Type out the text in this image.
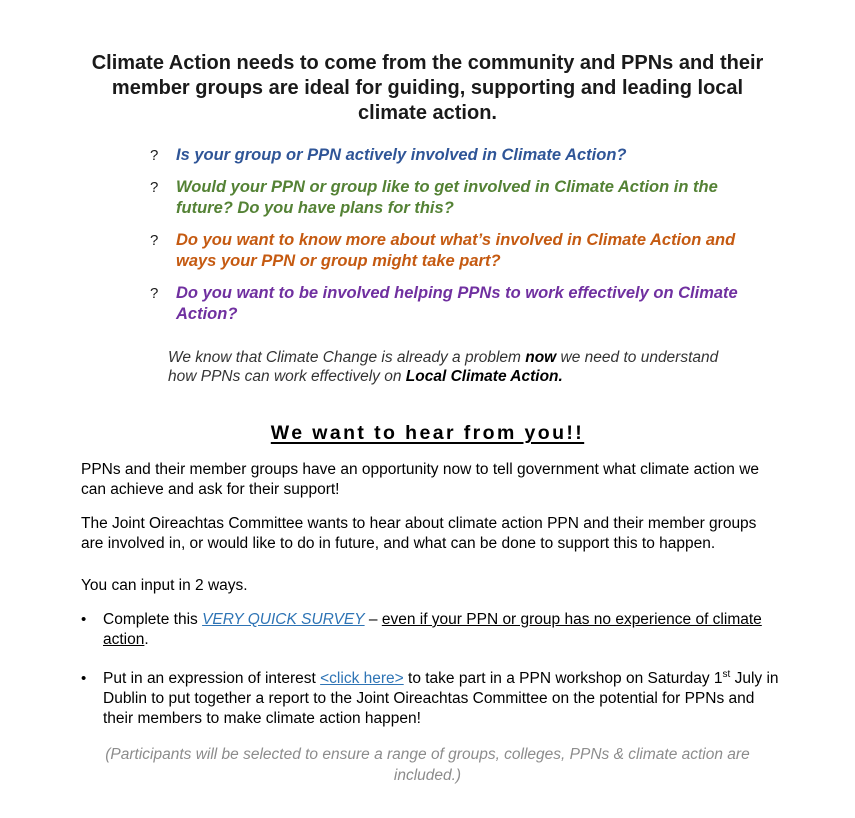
Climate Action needs to come from the community and PPNs and their member groups are ideal for guiding, supporting and leading local climate action.
?	Is your group or PPN actively involved in Climate Action?
?	Would your PPN or group like to get involved in Climate Action in the future? Do you have plans for this?
?	Do you want to know more about what’s involved in Climate Action and ways your PPN or group might take part?
?	Do you want to be involved helping PPNs to work effectively on Climate Action?
We know that Climate Change is already a problem now we need to understand how PPNs can work effectively on Local Climate Action.
We want to hear from you!!
PPNs and their member groups have an opportunity now to tell government what climate action we can achieve and ask for their support!
The Joint Oireachtas Committee wants to hear about climate action PPN and their member groups are involved in, or would like to do in future, and what can be done to support this to happen.
You can input in 2 ways.
•	Complete this VERY QUICK SURVEY – even if your PPN or group has no experience of climate action.
•	Put in an expression of interest <click here> to take part in a PPN workshop on Saturday 1st July in Dublin to put together a report to the Joint Oireachtas Committee on the potential for PPNs and their members to make climate action happen!
(Participants will be selected to ensure a range of groups, colleges, PPNs & climate action are included.)
